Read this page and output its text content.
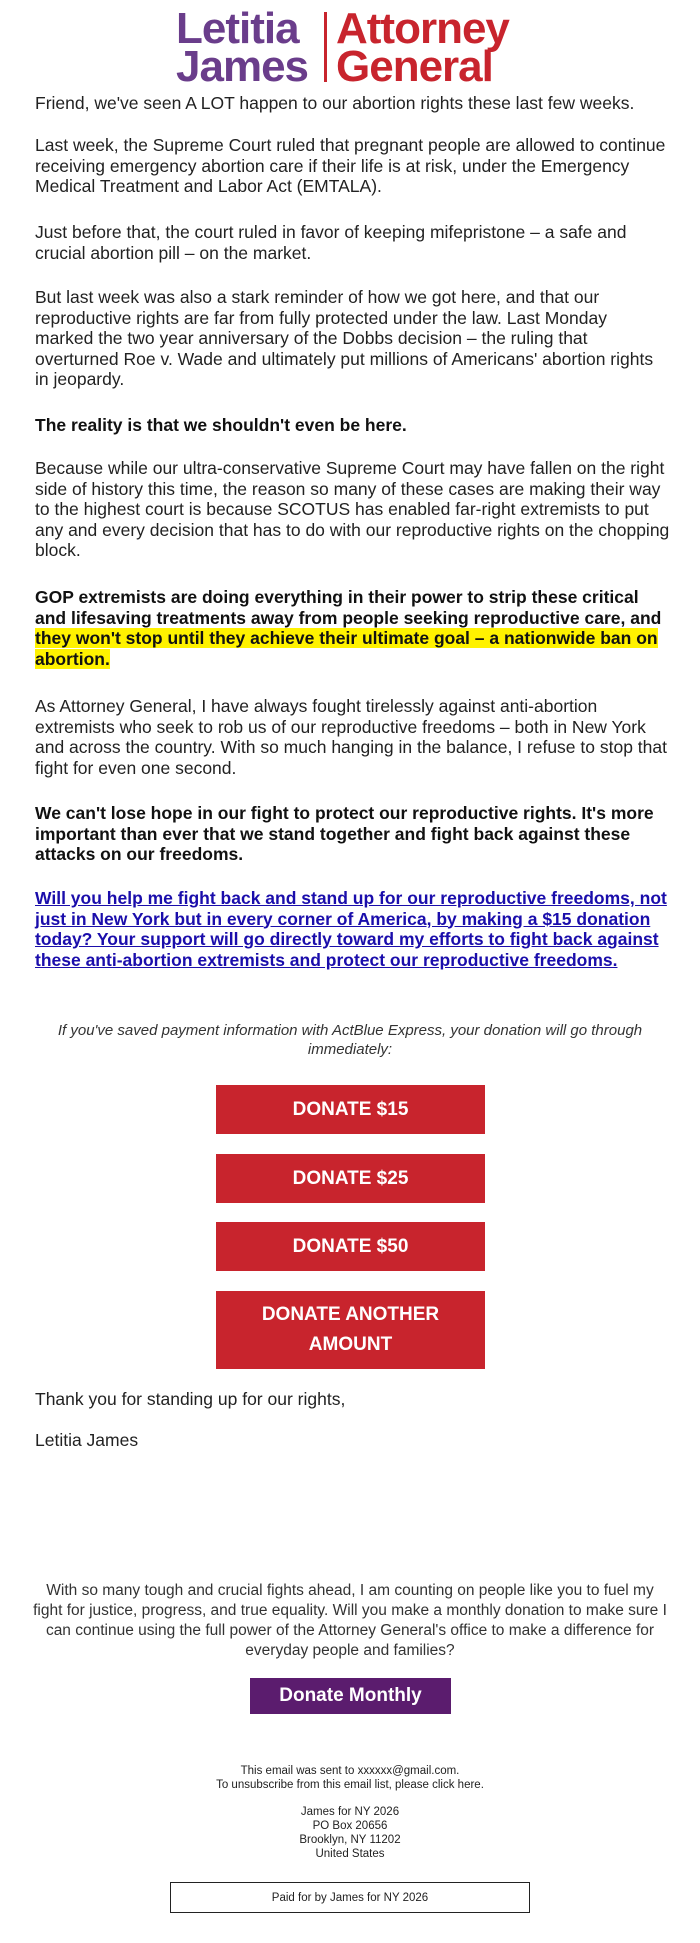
Letitia
James
Attorney
General

Friend, we've seen A LOT happen to our abortion rights these last few weeks.

Last week, the Supreme Court ruled that pregnant people are allowed to continue receiving emergency abortion care if their life is at risk, under the Emergency Medical Treatment and Labor Act (EMTALA).

Just before that, the court ruled in favor of keeping mifepristone – a safe and crucial abortion pill – on the market.

But last week was also a stark reminder of how we got here, and that our reproductive rights are far from fully protected under the law. Last Monday marked the two year anniversary of the Dobbs decision – the ruling that overturned Roe v. Wade and ultimately put millions of Americans' abortion rights in jeopardy.

The reality is that we shouldn't even be here.

Because while our ultra-conservative Supreme Court may have fallen on the right side of history this time, the reason so many of these cases are making their way to the highest court is because SCOTUS has enabled far-right extremists to put any and every decision that has to do with our reproductive rights on the chopping block.

GOP extremists are doing everything in their power to strip these critical and lifesaving treatments away from people seeking reproductive care, and they won't stop until they achieve their ultimate goal – a nationwide ban on abortion.

As Attorney General, I have always fought tirelessly against anti-abortion extremists who seek to rob us of our reproductive freedoms – both in New York and across the country. With so much hanging in the balance, I refuse to stop that fight for even one second.

We can't lose hope in our fight to protect our reproductive rights. It's more important than ever that we stand together and fight back against these attacks on our freedoms.

Will you help me fight back and stand up for our reproductive freedoms, not just in New York but in every corner of America, by making a $15 donation today? Your support will go directly toward my efforts to fight back against these anti-abortion extremists and protect our reproductive freedoms.

If you've saved payment information with ActBlue Express, your donation will go through immediately:
DONATE $15
DONATE $25
DONATE $50
DONATE ANOTHER AMOUNT

Thank you for standing up for our rights,

Letitia James

With so many tough and crucial fights ahead, I am counting on people like you to fuel my fight for justice, progress, and true equality. Will you make a monthly donation to make sure I can continue using the full power of the Attorney General's office to make a difference for everyday people and families?

Donate Monthly

This email was sent to xxxxxx@gmail.com.

To unsubscribe from this email list, please click here.

James for NY 2026

PO Box 20656

Brooklyn, NY 11202

United States

Paid for by James for NY 2026
